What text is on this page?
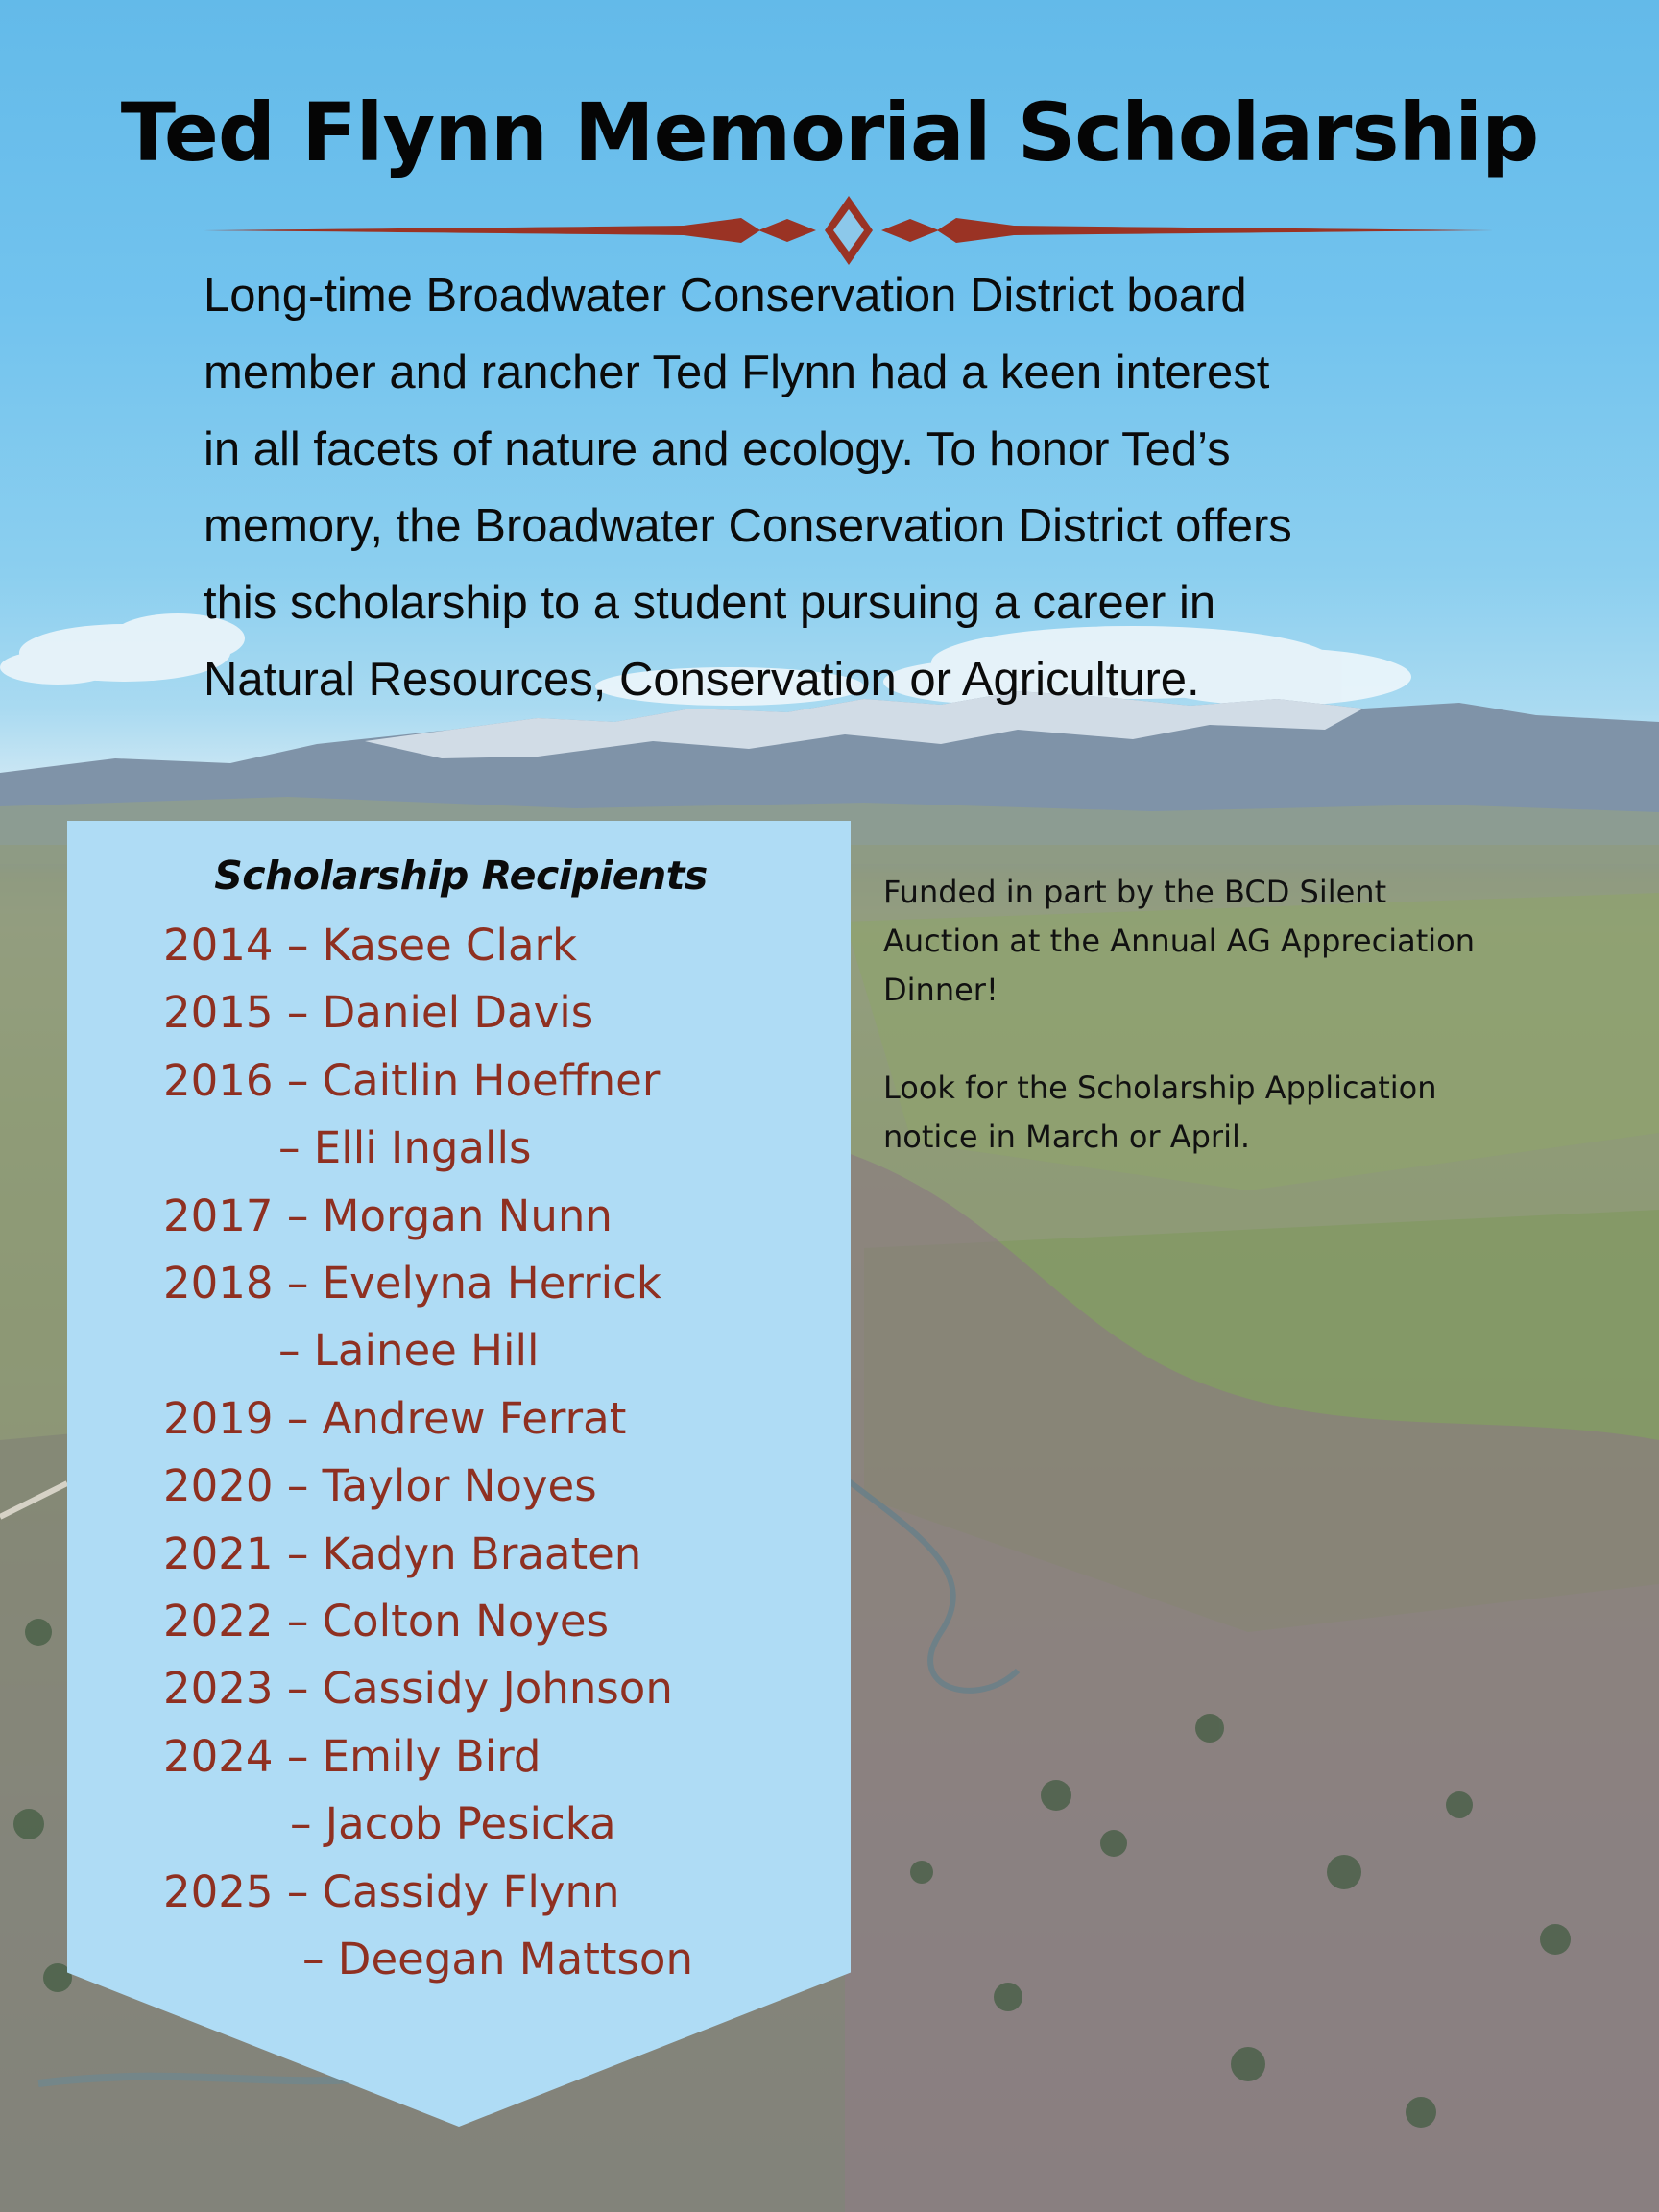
Ted Flynn Memorial Scholarship

Long-time Broadwater Conservation District board
member and rancher Ted Flynn had a keen interest
in all facets of nature and ecology. To honor Ted’s
memory, the Broadwater Conservation District offers
this scholarship to a student pursuing a career in
Natural Resources, Conservation or Agriculture.

Scholarship Recipients
2014 – Kasee Clark
2015 – Daniel Davis
2016 – Caitlin Hoeffner
– Elli Ingalls
2017 – Morgan Nunn
2018 – Evelyna Herrick
– Lainee Hill
2019 – Andrew Ferrat
2020 – Taylor Noyes
2021 – Kadyn Braaten
2022 – Colton Noyes
2023 – Cassidy Johnson
2024 – Emily Bird
– Jacob Pesicka
2025 – Cassidy Flynn
– Deegan Mattson

Funded in part by the BCD Silent
Auction at the Annual AG Appreciation
Dinner!

Look for the Scholarship Application
notice in March or April.
